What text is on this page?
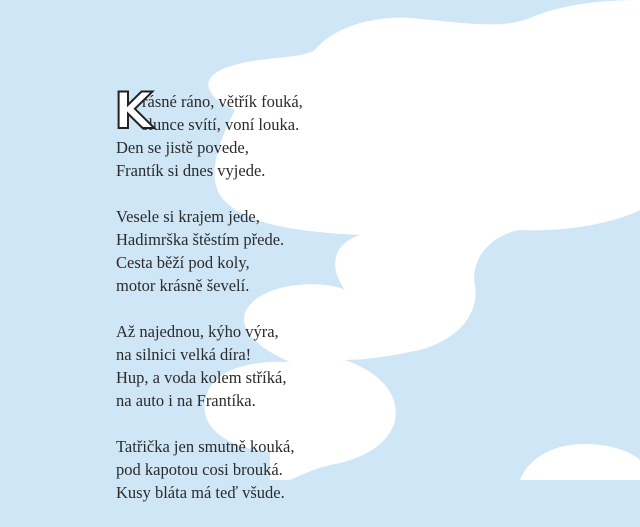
K
rásné ráno, větřík fouká,
slunce svítí, voní louka.
Den se jistě povede,
Frantík si dnes vyjede.
Vesele si krajem jede,
Hadimrška štěstím přede.
Cesta běží pod koly,
motor krásně ševelí.
Až najednou, kýho výra,
na silnici velká díra!
Hup, a voda kolem stříká,
na auto i na Frantíka.
Tatřička jen smutně kouká,
pod kapotou cosi brouká.
Kusy bláta má teď všude.
